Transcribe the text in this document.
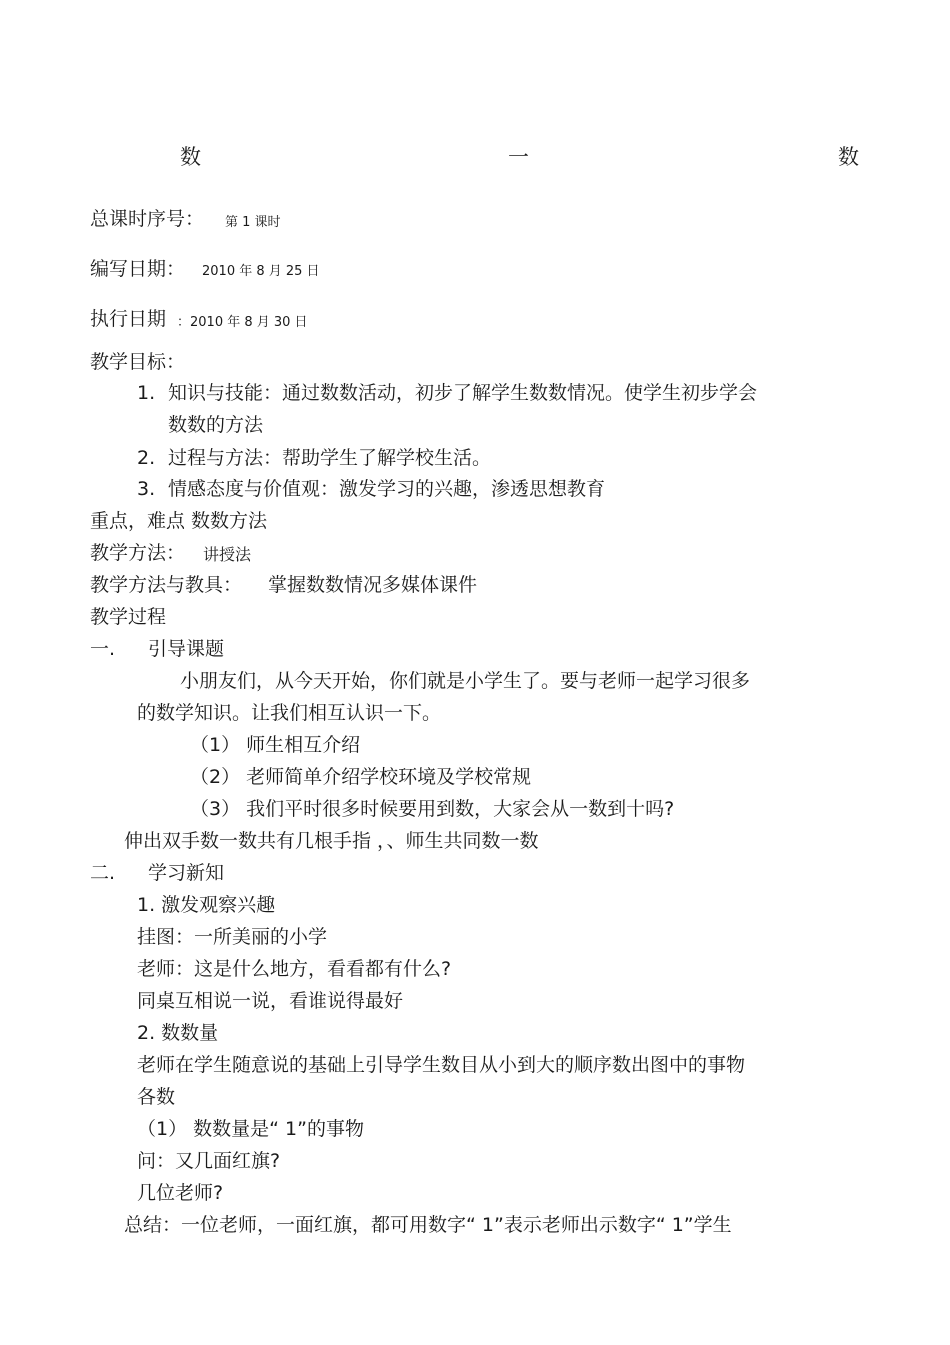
数	一	数
总课时序号： 第 1 课时
编写日期： 2010 年 8 月 25 日
执行日期 ：2010 年 8 月 30 日
教学目标：
1. 知识与技能：通过数数活动，初步了解学生数数情况。使学生初步学会
数数的方法
2. 过程与方法：帮助学生了解学校生活。
3. 情感态度与价值观：激发学习的兴趣，渗透思想教育
重点，难点 数数方法
教学方法： 讲授法
教学方法与教具： 掌握数数情况多媒体课件
教学过程
一. 引导课题
小朋友们，从今天开始，你们就是小学生了。要与老师一起学习很多
的数学知识。让我们相互认识一下。
（1） 师生相互介绍
（2） 老师简单介绍学校环境及学校常规
（3） 我们平时很多时候要用到数，大家会从一数到十吗?
伸出双手数一数共有几根手指 ，、师生共同数一数
二. 学习新知
1. 激发观察兴趣
挂图：一所美丽的小学
老师：这是什么地方，看看都有什么?
同桌互相说一说，看谁说得最好
2. 数数量
老师在学生随意说的基础上引导学生数目从小到大的顺序数出图中的事物
各数
（1） 数数量是“ 1”的事物
问：又几面红旗?
几位老师?
总结：一位老师，一面红旗，都可用数字“ 1”表示老师出示数字“ 1”学生
